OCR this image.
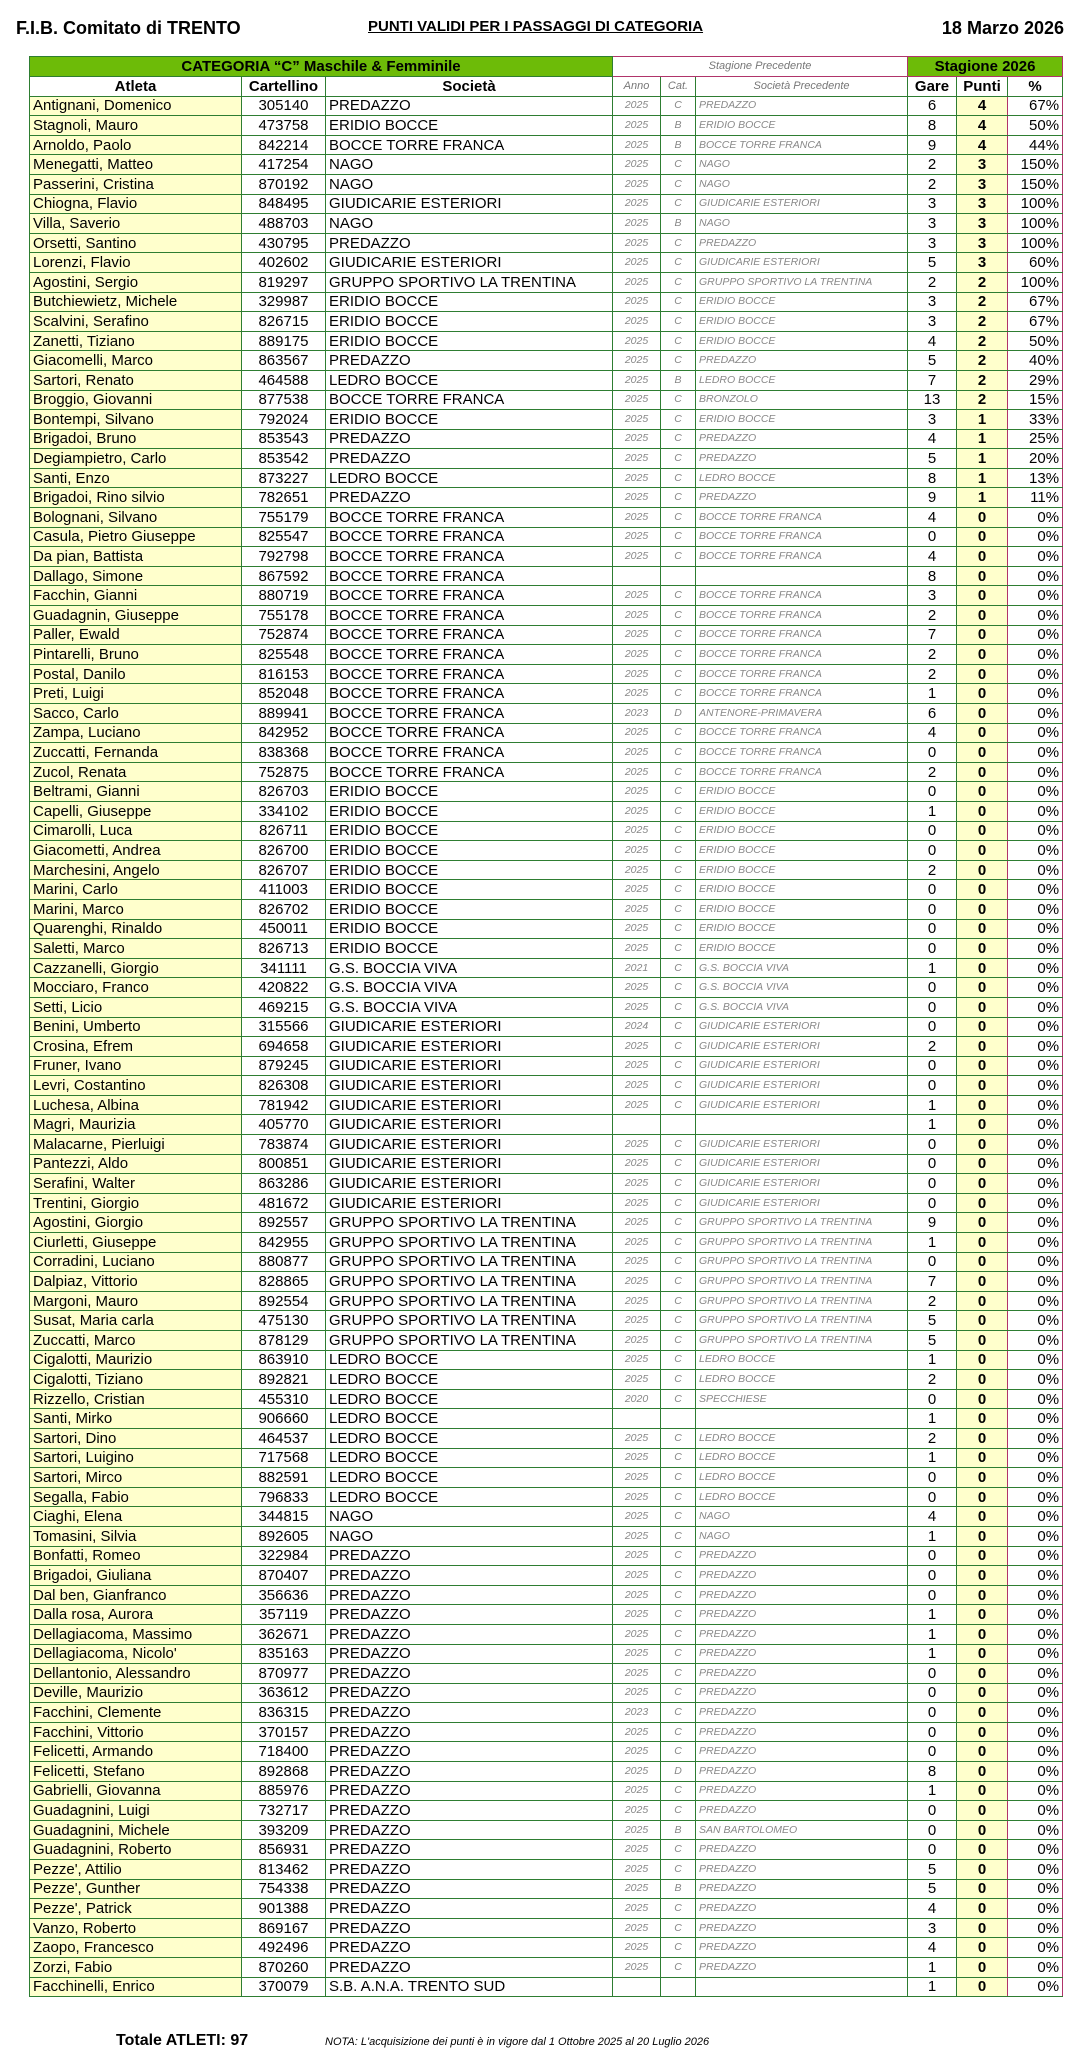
F.I.B. Comitato di TRENTO	PUNTI VALIDI PER I PASSAGGI DI CATEGORIA	18 Marzo 2026
CATEGORIA “C” Maschile & Femminile			Stagione Precedente			Stagione 2026		
Atleta	Cartellino	Società	Anno	Cat.	Società Precedente	Gare	Punti	%
Antignani, Domenico	305140	PREDAZZO	2025	C	PREDAZZO	6	4	67%
Stagnoli, Mauro	473758	ERIDIO BOCCE	2025	B	ERIDIO BOCCE	8	4	50%
Arnoldo, Paolo	842214	BOCCE TORRE FRANCA	2025	B	BOCCE TORRE FRANCA	9	4	44%
Menegatti, Matteo	417254	NAGO	2025	C	NAGO	2	3	150%
Passerini, Cristina	870192	NAGO	2025	C	NAGO	2	3	150%
Chiogna, Flavio	848495	GIUDICARIE ESTERIORI	2025	C	GIUDICARIE ESTERIORI	3	3	100%
Villa, Saverio	488703	NAGO	2025	B	NAGO	3	3	100%
Orsetti, Santino	430795	PREDAZZO	2025	C	PREDAZZO	3	3	100%
Lorenzi, Flavio	402602	GIUDICARIE ESTERIORI	2025	C	GIUDICARIE ESTERIORI	5	3	60%
Agostini, Sergio	819297	GRUPPO SPORTIVO LA TRENTINA	2025	C	GRUPPO SPORTIVO LA TRENTINA	2	2	100%
Butchiewietz, Michele	329987	ERIDIO BOCCE	2025	C	ERIDIO BOCCE	3	2	67%
Scalvini, Serafino	826715	ERIDIO BOCCE	2025	C	ERIDIO BOCCE	3	2	67%
Zanetti, Tiziano	889175	ERIDIO BOCCE	2025	C	ERIDIO BOCCE	4	2	50%
Giacomelli, Marco	863567	PREDAZZO	2025	C	PREDAZZO	5	2	40%
Sartori, Renato	464588	LEDRO BOCCE	2025	B	LEDRO BOCCE	7	2	29%
Broggio, Giovanni	877538	BOCCE TORRE FRANCA	2025	C	BRONZOLO	13	2	15%
Bontempi, Silvano	792024	ERIDIO BOCCE	2025	C	ERIDIO BOCCE	3	1	33%
Brigadoi, Bruno	853543	PREDAZZO	2025	C	PREDAZZO	4	1	25%
Degiampietro, Carlo	853542	PREDAZZO	2025	C	PREDAZZO	5	1	20%
Santi, Enzo	873227	LEDRO BOCCE	2025	C	LEDRO BOCCE	8	1	13%
Brigadoi, Rino silvio	782651	PREDAZZO	2025	C	PREDAZZO	9	1	11%
Bolognani, Silvano	755179	BOCCE TORRE FRANCA	2025	C	BOCCE TORRE FRANCA	4	0	0%
Casula, Pietro Giuseppe	825547	BOCCE TORRE FRANCA	2025	C	BOCCE TORRE FRANCA	0	0	0%
Da pian, Battista	792798	BOCCE TORRE FRANCA	2025	C	BOCCE TORRE FRANCA	4	0	0%
Dallago, Simone	867592	BOCCE TORRE FRANCA				8	0	0%
Facchin, Gianni	880719	BOCCE TORRE FRANCA	2025	C	BOCCE TORRE FRANCA	3	0	0%
Guadagnin, Giuseppe	755178	BOCCE TORRE FRANCA	2025	C	BOCCE TORRE FRANCA	2	0	0%
Paller, Ewald	752874	BOCCE TORRE FRANCA	2025	C	BOCCE TORRE FRANCA	7	0	0%
Pintarelli, Bruno	825548	BOCCE TORRE FRANCA	2025	C	BOCCE TORRE FRANCA	2	0	0%
Postal, Danilo	816153	BOCCE TORRE FRANCA	2025	C	BOCCE TORRE FRANCA	2	0	0%
Preti, Luigi	852048	BOCCE TORRE FRANCA	2025	C	BOCCE TORRE FRANCA	1	0	0%
Sacco, Carlo	889941	BOCCE TORRE FRANCA	2023	D	ANTENORE-PRIMAVERA	6	0	0%
Zampa, Luciano	842952	BOCCE TORRE FRANCA	2025	C	BOCCE TORRE FRANCA	4	0	0%
Zuccatti, Fernanda	838368	BOCCE TORRE FRANCA	2025	C	BOCCE TORRE FRANCA	0	0	0%
Zucol, Renata	752875	BOCCE TORRE FRANCA	2025	C	BOCCE TORRE FRANCA	2	0	0%
Beltrami, Gianni	826703	ERIDIO BOCCE	2025	C	ERIDIO BOCCE	0	0	0%
Capelli, Giuseppe	334102	ERIDIO BOCCE	2025	C	ERIDIO BOCCE	1	0	0%
Cimarolli, Luca	826711	ERIDIO BOCCE	2025	C	ERIDIO BOCCE	0	0	0%
Giacometti, Andrea	826700	ERIDIO BOCCE	2025	C	ERIDIO BOCCE	0	0	0%
Marchesini, Angelo	826707	ERIDIO BOCCE	2025	C	ERIDIO BOCCE	2	0	0%
Marini, Carlo	411003	ERIDIO BOCCE	2025	C	ERIDIO BOCCE	0	0	0%
Marini, Marco	826702	ERIDIO BOCCE	2025	C	ERIDIO BOCCE	0	0	0%
Quarenghi, Rinaldo	450011	ERIDIO BOCCE	2025	C	ERIDIO BOCCE	0	0	0%
Saletti, Marco	826713	ERIDIO BOCCE	2025	C	ERIDIO BOCCE	0	0	0%
Cazzanelli, Giorgio	341111	G.S. BOCCIA VIVA	2021	C	G.S. BOCCIA VIVA	1	0	0%
Mocciaro, Franco	420822	G.S. BOCCIA VIVA	2025	C	G.S. BOCCIA VIVA	0	0	0%
Setti, Licio	469215	G.S. BOCCIA VIVA	2025	C	G.S. BOCCIA VIVA	0	0	0%
Benini, Umberto	315566	GIUDICARIE ESTERIORI	2024	C	GIUDICARIE ESTERIORI	0	0	0%
Crosina, Efrem	694658	GIUDICARIE ESTERIORI	2025	C	GIUDICARIE ESTERIORI	2	0	0%
Fruner, Ivano	879245	GIUDICARIE ESTERIORI	2025	C	GIUDICARIE ESTERIORI	0	0	0%
Levri, Costantino	826308	GIUDICARIE ESTERIORI	2025	C	GIUDICARIE ESTERIORI	0	0	0%
Luchesa, Albina	781942	GIUDICARIE ESTERIORI	2025	C	GIUDICARIE ESTERIORI	1	0	0%
Magri, Maurizia	405770	GIUDICARIE ESTERIORI				1	0	0%
Malacarne, Pierluigi	783874	GIUDICARIE ESTERIORI	2025	C	GIUDICARIE ESTERIORI	0	0	0%
Pantezzi, Aldo	800851	GIUDICARIE ESTERIORI	2025	C	GIUDICARIE ESTERIORI	0	0	0%
Serafini, Walter	863286	GIUDICARIE ESTERIORI	2025	C	GIUDICARIE ESTERIORI	0	0	0%
Trentini, Giorgio	481672	GIUDICARIE ESTERIORI	2025	C	GIUDICARIE ESTERIORI	0	0	0%
Agostini, Giorgio	892557	GRUPPO SPORTIVO LA TRENTINA	2025	C	GRUPPO SPORTIVO LA TRENTINA	9	0	0%
Ciurletti, Giuseppe	842955	GRUPPO SPORTIVO LA TRENTINA	2025	C	GRUPPO SPORTIVO LA TRENTINA	1	0	0%
Corradini, Luciano	880877	GRUPPO SPORTIVO LA TRENTINA	2025	C	GRUPPO SPORTIVO LA TRENTINA	0	0	0%
Dalpiaz, Vittorio	828865	GRUPPO SPORTIVO LA TRENTINA	2025	C	GRUPPO SPORTIVO LA TRENTINA	7	0	0%
Margoni, Mauro	892554	GRUPPO SPORTIVO LA TRENTINA	2025	C	GRUPPO SPORTIVO LA TRENTINA	2	0	0%
Susat, Maria carla	475130	GRUPPO SPORTIVO LA TRENTINA	2025	C	GRUPPO SPORTIVO LA TRENTINA	5	0	0%
Zuccatti, Marco	878129	GRUPPO SPORTIVO LA TRENTINA	2025	C	GRUPPO SPORTIVO LA TRENTINA	5	0	0%
Cigalotti, Maurizio	863910	LEDRO BOCCE	2025	C	LEDRO BOCCE	1	0	0%
Cigalotti, Tiziano	892821	LEDRO BOCCE	2025	C	LEDRO BOCCE	2	0	0%
Rizzello, Cristian	455310	LEDRO BOCCE	2020	C	SPECCHIESE	0	0	0%
Santi, Mirko	906660	LEDRO BOCCE				1	0	0%
Sartori, Dino	464537	LEDRO BOCCE	2025	C	LEDRO BOCCE	2	0	0%
Sartori, Luigino	717568	LEDRO BOCCE	2025	C	LEDRO BOCCE	1	0	0%
Sartori, Mirco	882591	LEDRO BOCCE	2025	C	LEDRO BOCCE	0	0	0%
Segalla, Fabio	796833	LEDRO BOCCE	2025	C	LEDRO BOCCE	0	0	0%
Ciaghi, Elena	344815	NAGO	2025	C	NAGO	4	0	0%
Tomasini, Silvia	892605	NAGO	2025	C	NAGO	1	0	0%
Bonfatti, Romeo	322984	PREDAZZO	2025	C	PREDAZZO	0	0	0%
Brigadoi, Giuliana	870407	PREDAZZO	2025	C	PREDAZZO	0	0	0%
Dal ben, Gianfranco	356636	PREDAZZO	2025	C	PREDAZZO	0	0	0%
Dalla rosa, Aurora	357119	PREDAZZO	2025	C	PREDAZZO	1	0	0%
Dellagiacoma, Massimo	362671	PREDAZZO	2025	C	PREDAZZO	1	0	0%
Dellagiacoma, Nicolo'	835163	PREDAZZO	2025	C	PREDAZZO	1	0	0%
Dellantonio, Alessandro	870977	PREDAZZO	2025	C	PREDAZZO	0	0	0%
Deville, Maurizio	363612	PREDAZZO	2025	C	PREDAZZO	0	0	0%
Facchini, Clemente	836315	PREDAZZO	2023	C	PREDAZZO	0	0	0%
Facchini, Vittorio	370157	PREDAZZO	2025	C	PREDAZZO	0	0	0%
Felicetti, Armando	718400	PREDAZZO	2025	C	PREDAZZO	0	0	0%
Felicetti, Stefano	892868	PREDAZZO	2025	D	PREDAZZO	8	0	0%
Gabrielli, Giovanna	885976	PREDAZZO	2025	C	PREDAZZO	1	0	0%
Guadagnini, Luigi	732717	PREDAZZO	2025	C	PREDAZZO	0	0	0%
Guadagnini, Michele	393209	PREDAZZO	2025	B	SAN BARTOLOMEO	0	0	0%
Guadagnini, Roberto	856931	PREDAZZO	2025	C	PREDAZZO	0	0	0%
Pezze', Attilio	813462	PREDAZZO	2025	C	PREDAZZO	5	0	0%
Pezze', Gunther	754338	PREDAZZO	2025	B	PREDAZZO	5	0	0%
Pezze', Patrick	901388	PREDAZZO	2025	C	PREDAZZO	4	0	0%
Vanzo, Roberto	869167	PREDAZZO	2025	C	PREDAZZO	3	0	0%
Zaopo, Francesco	492496	PREDAZZO	2025	C	PREDAZZO	4	0	0%
Zorzi, Fabio	870260	PREDAZZO	2025	C	PREDAZZO	1	0	0%
Facchinelli, Enrico	370079	S.B. A.N.A. TRENTO SUD				1	0	0%
Totale ATLETI: 97	NOTA: L'acquisizione dei punti è in vigore dal 1 Ottobre 2025 al 20 Luglio 2026
